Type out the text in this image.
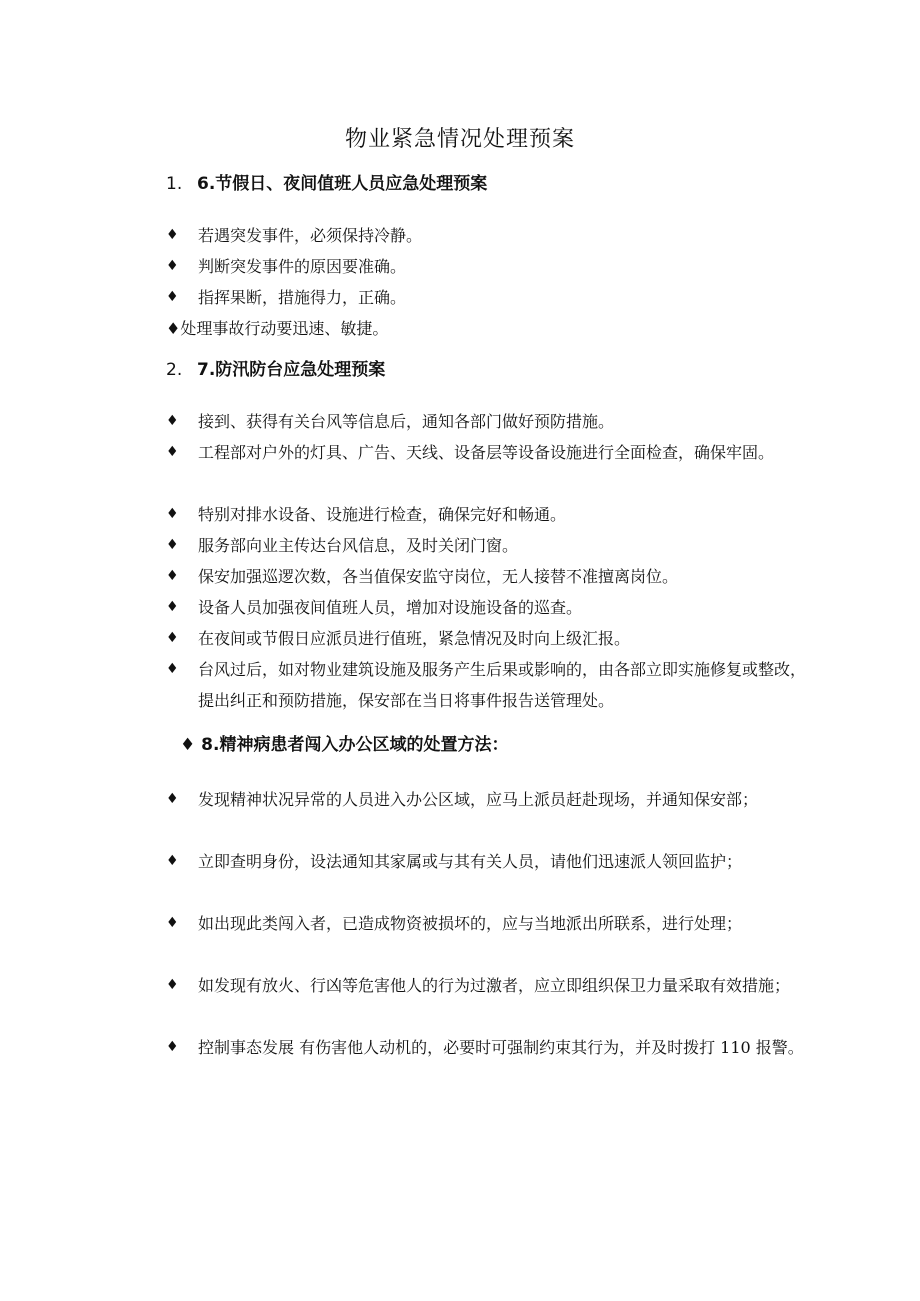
物业紧急情况处理预案
1. 6.节假日、夜间值班人员应急处理预案
♦ 若遇突发事件，必须保持冷静。
♦ 判断突发事件的原因要准确。
♦ 指挥果断，措施得力，正确。
♦处理事故行动要迅速、敏捷。
2. 7.防汛防台应急处理预案
♦ 接到、获得有关台风等信息后，通知各部门做好预防措施。
♦ 工程部对户外的灯具、广告、天线、设备层等设备设施进行全面检查，确保牢固。
♦ 特别对排水设备、设施进行检查，确保完好和畅通。
♦ 服务部向业主传达台风信息，及时关闭门窗。
♦ 保安加强巡逻次数，各当值保安监守岗位，无人接替不准擅离岗位。
♦ 设备人员加强夜间值班人员，增加对设施设备的巡查。
♦ 在夜间或节假日应派员进行值班，紧急情况及时向上级汇报。
♦ 台风过后，如对物业建筑设施及服务产生后果或影响的，由各部立即实施修复或整改，提出纠正和预防措施，保安部在当日将事件报告送管理处。
♦ 8.精神病患者闯入办公区域的处置方法：
♦ 发现精神状况异常的人员进入办公区域，应马上派员赶赴现场，并通知保安部；
♦ 立即查明身份，设法通知其家属或与其有关人员，请他们迅速派人领回监护；
♦ 如出现此类闯入者，已造成物资被损坏的，应与当地派出所联系，进行处理；
♦ 如发现有放火、行凶等危害他人的行为过激者，应立即组织保卫力量采取有效措施；
♦ 控制事态发展 有伤害他人动机的，必要时可强制约束其行为，并及时拨打 110 报警。
